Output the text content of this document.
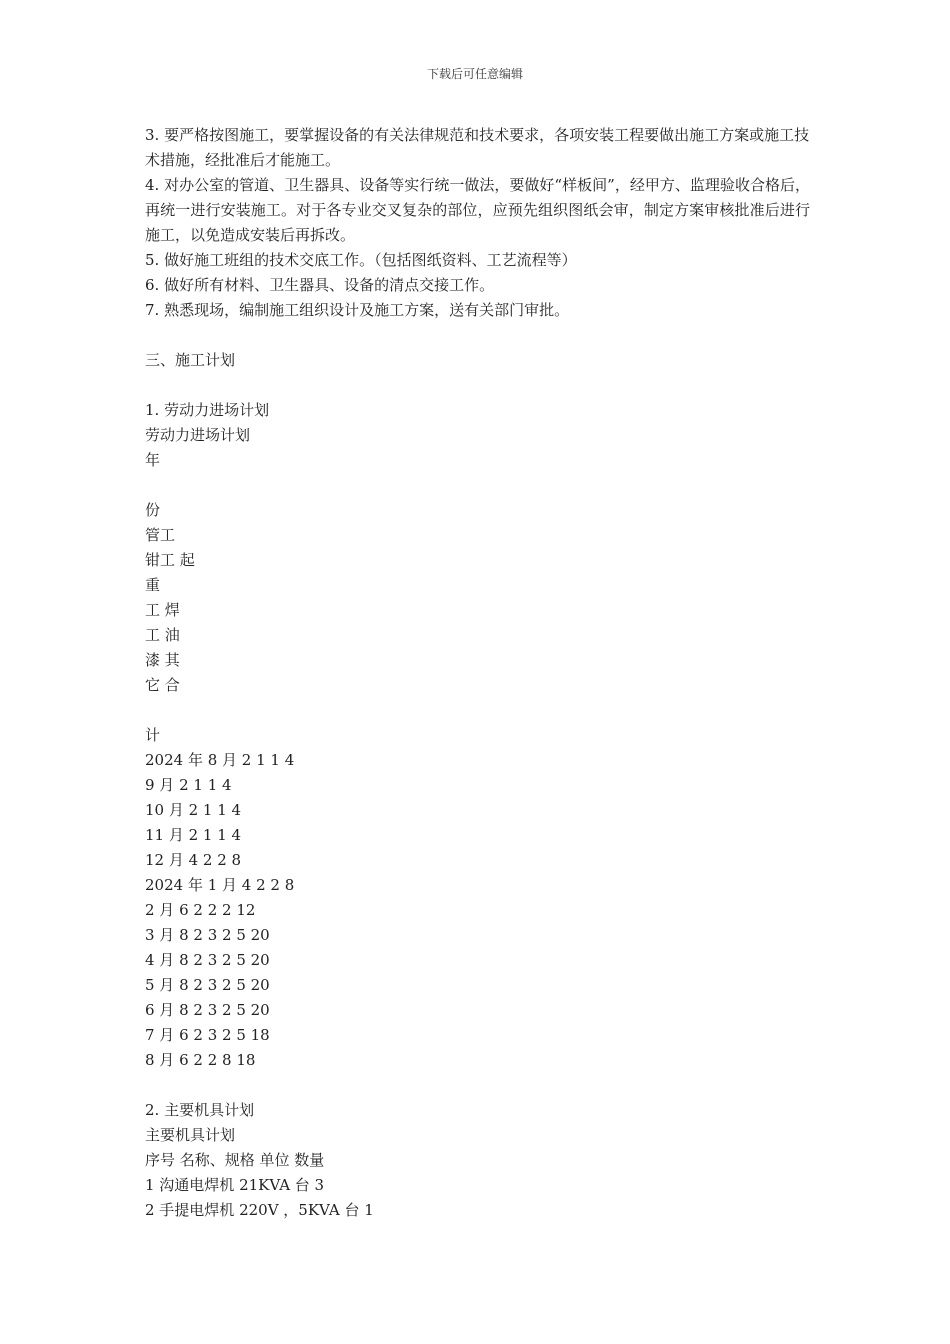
下载后可任意编辑
3. 要严格按图施工，要掌握设备的有关法律规范和技术要求，各项安装工程要做出施工方案或施工技术措施，经批准后才能施工。
4. 对办公室的管道、卫生器具、设备等实行统一做法，要做好“样板间”，经甲方、监理验收合格后，再统一进行安装施工。对于各专业交叉复杂的部位，应预先组织图纸会审，制定方案审核批准后进行施工，以免造成安装后再拆改。
5. 做好施工班组的技术交底工作。（包括图纸资料、工艺流程等）
6. 做好所有材料、卫生器具、设备的清点交接工作。
7. 熟悉现场，编制施工组织设计及施工方案，送有关部门审批。
三、施工计划
1. 劳动力进场计划
劳动力进场计划
年
份
管工
钳工 起
重
工 焊
工 油
漆 其
它 合
计
2024 年 8 月 2 1 1 4
9 月 2 1 1 4
10 月 2 1 1 4
11 月 2 1 1 4
12 月 4 2 2 8
2024 年 1 月 4 2 2 8
2 月 6 2 2 2 12
3 月 8 2 3 2 5 20
4 月 8 2 3 2 5 20
5 月 8 2 3 2 5 20
6 月 8 2 3 2 5 20
7 月 6 2 3 2 5 18
8 月 6 2 2 8 18
2. 主要机具计划
主要机具计划
序号 名称、规格 单位 数量
1 沟通电焊机 21KVA 台 3
2 手提电焊机 220V ，5KVA 台 1
